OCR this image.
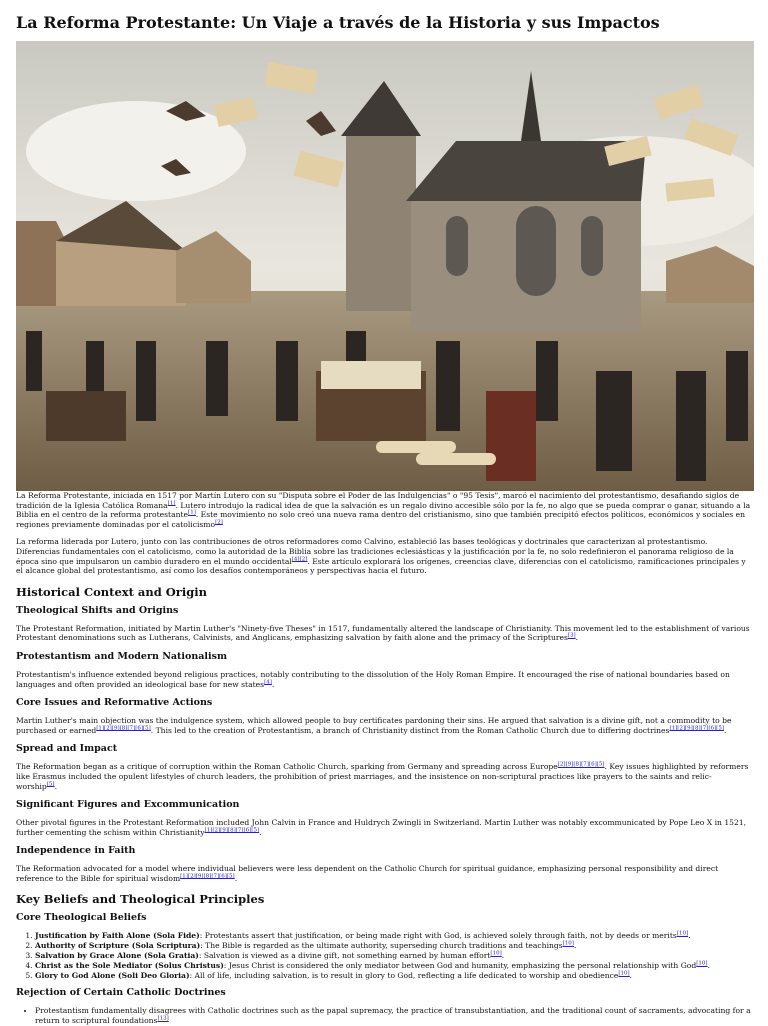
La Reforma Protestante: Un Viaje a través de la Historia y sus Impactos

La Reforma Protestante, iniciada en 1517 por Martín Lutero con su "Disputa sobre el Poder de las Indulgencias" o "95 Tesis", marcó el nacimiento del protestantismo, desafiando siglos de tradición de la Iglesia Católica Romana[1]. Lutero introdujo la radical idea de que la salvación es un regalo divino accesible sólo por la fe, no algo que se pueda comprar o ganar, situando a la Biblia en el centro de la reforma protestante[1]. Este movimiento no solo creó una nueva rama dentro del cristianismo, sino que también precipitó efectos políticos, económicos y sociales en regiones previamente dominadas por el catolicismo[2]

La reforma liderada por Lutero, junto con las contribuciones de otros reformadores como Calvino, estableció las bases teológicas y doctrinales que caracterizan al protestantismo. Diferencias fundamentales con el catolicismo, como la autoridad de la Biblia sobre las tradiciones eclesiásticas y la justificación por la fe, no solo redefinieron el panorama religioso de la época sino que impulsaron un cambio duradero en el mundo occidental[4][2]. Este artículo explorará los orígenes, creencias clave, diferencias con el catolicismo, ramificaciones principales y el alcance global del protestantismo, así como los desafíos contemporáneos y perspectivas hacia el futuro.

Historical Context and Origin
Theological Shifts and Origins

The Protestant Reformation, initiated by Martin Luther's "Ninety-five Theses" in 1517, fundamentally altered the landscape of Christianity. This movement led to the establishment of various Protestant denominations such as Lutherans, Calvinists, and Anglicans, emphasizing salvation by faith alone and the primacy of the Scriptures[3].

Protestantism and Modern Nationalism

Protestantism's influence extended beyond religious practices, notably contributing to the dissolution of the Holy Roman Empire. It encouraged the rise of national boundaries based on languages and often provided an ideological base for new states[4].

Core Issues and Reformative Actions

Martin Luther's main objection was the indulgence system, which allowed people to buy certificates pardoning their sins. He argued that salvation is a divine gift, not a commodity to be purchased or earned[1][2][9][8][7][6][5]. This led to the creation of Protestantism, a branch of Christianity distinct from the Roman Catholic Church due to differing doctrines[1][2][9][8][7][6][5].

Spread and Impact

The Reformation began as a critique of corruption within the Roman Catholic Church, sparking from Germany and spreading across Europe[2][9][8][7][6][5]. Key issues highlighted by reformers like Erasmus included the opulent lifestyles of church leaders, the prohibition of priest marriages, and the insistence on non-scriptural practices like prayers to the saints and relic-worship[5].

Significant Figures and Excommunication

Other pivotal figures in the Protestant Reformation included John Calvin in France and Huldrych Zwingli in Switzerland. Martin Luther was notably excommunicated by Pope Leo X in 1521, further cementing the schism within Christianity[1][2][9][8][7][6][5].

Independence in Faith

The Reformation advocated for a model where individual believers were less dependent on the Catholic Church for spiritual guidance, emphasizing personal responsibility and direct reference to the Bible for spiritual wisdom[1][2][9][8][7][6][5].

Key Beliefs and Theological Principles
Core Theological Beliefs
1. Justification by Faith Alone (Sola Fide): Protestants assert that justification, or being made right with God, is achieved solely through faith, not by deeds or merits[10].
2. Authority of Scripture (Sola Scriptura): The Bible is regarded as the ultimate authority, superseding church traditions and teachings[10].
3. Salvation by Grace Alone (Sola Gratia): Salvation is viewed as a divine gift, not something earned by human effort[10].
4. Christ as the Sole Mediator (Solus Christus): Jesus Christ is considered the only mediator between God and humanity, emphasizing the personal relationship with God[10].
5. Glory to God Alone (Soli Deo Gloria): All of life, including salvation, is to result in glory to God, reflecting a life dedicated to worship and obedience[10].
Rejection of Certain Catholic Doctrines
• Protestantism fundamentally disagrees with Catholic doctrines such as the papal supremacy, the practice of transubstantiation, and the traditional count of sacraments, advocating for a return to scriptural foundations[13]
